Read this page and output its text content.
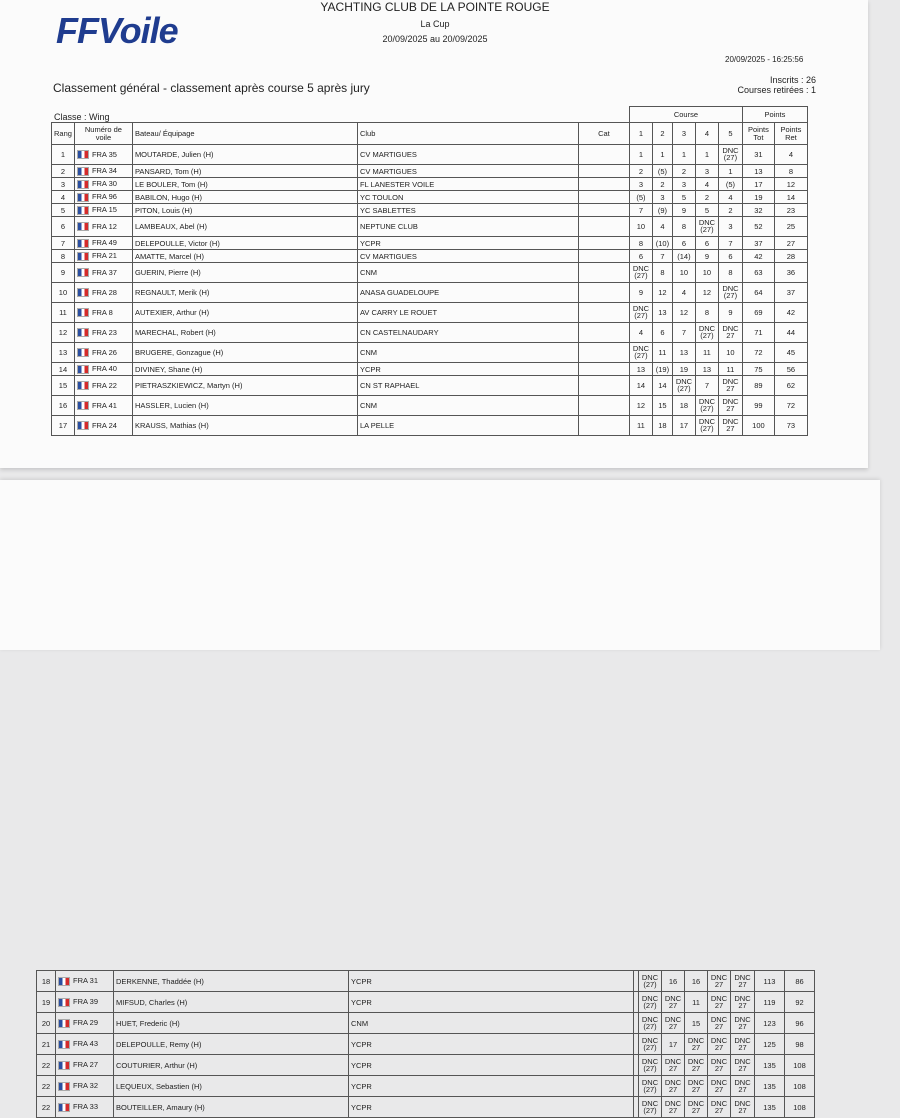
FFVoile
YACHTING CLUB DE LA POINTE ROUGE
La Cup
20/09/2025 au 20/09/2025
20/09/2025 - 16:25:56
Classement général - classement après course 5 après jury
Inscrits : 26
Courses retirées : 1
Classe : Wing
					Course					Points	
Rang	Numéro de voile	Bateau/ Équipage	Club	Cat	1	2	3	4	5	Points Tot	Points Ret
1	FRA 35	MOUTARDE, Julien (H)	CV MARTIGUES		1	1	1	1	DNC (27)	31	4
2	FRA 34	PANSARD, Tom (H)	CV MARTIGUES		2	(5)	2	3	1	13	8
3	FRA 30	LE BOULER, Tom (H)	FL LANESTER VOILE		3	2	3	4	(5)	17	12
4	FRA 96	BABILON, Hugo (H)	YC TOULON		(5)	3	5	2	4	19	14
5	FRA 15	PITON, Louis (H)	YC SABLETTES		7	(9)	9	5	2	32	23
6	FRA 12	LAMBEAUX, Abel (H)	NEPTUNE CLUB		10	4	8	DNC (27)	3	52	25
7	FRA 49	DELEPOULLE, Victor (H)	YCPR		8	(10)	6	6	7	37	27
8	FRA 21	AMATTE, Marcel (H)	CV MARTIGUES		6	7	(14)	9	6	42	28
9	FRA 37	GUERIN, Pierre (H)	CNM		DNC (27)	8	10	10	8	63	36
10	FRA 28	REGNAULT, Merik (H)	ANASA GUADELOUPE		9	12	4	12	DNC (27)	64	37
11	FRA 8	AUTEXIER, Arthur (H)	AV CARRY LE ROUET		DNC (27)	13	12	8	9	69	42
12	FRA 23	MARECHAL, Robert (H)	CN CASTELNAUDARY		4	6	7	DNC (27)	DNC 27	71	44
13	FRA 26	BRUGERE, Gonzague (H)	CNM		DNC (27)	11	13	11	10	72	45
14	FRA 40	DIVINEY, Shane (H)	YCPR		13	(19)	19	13	11	75	56
15	FRA 22	PIETRASZKIEWICZ, Martyn (H)	CN ST RAPHAEL		14	14	DNC (27)	7	DNC 27	89	62
16	FRA 41	HASSLER, Lucien (H)	CNM		12	15	18	DNC (27)	DNC 27	99	72
17	FRA 24	KRAUSS, Mathias (H)	LA PELLE		11	18	17	DNC (27)	DNC 27	100	73
18	FRA 31	DERKENNE, Thaddée (H)	YCPR		DNC (27)	16	16	DNC 27	DNC 27	113	86
19	FRA 39	MIFSUD, Charles (H)	YCPR		DNC (27)	DNC 27	11	DNC 27	DNC 27	119	92
20	FRA 29	HUET, Frederic (H)	CNM		DNC (27)	DNC 27	15	DNC 27	DNC 27	123	96
21	FRA 43	DELEPOULLE, Remy (H)	YCPR		DNC (27)	17	DNC 27	DNC 27	DNC 27	125	98
22	FRA 27	COUTURIER, Arthur (H)	YCPR		DNC (27)	DNC 27	DNC 27	DNC 27	DNC 27	135	108
22	FRA 32	LEQUEUX, Sebastien (H)	YCPR		DNC (27)	DNC 27	DNC 27	DNC 27	DNC 27	135	108
22	FRA 33	BOUTEILLER, Amaury (H)	YCPR		DNC (27)	DNC 27	DNC 27	DNC 27	DNC 27	135	108
